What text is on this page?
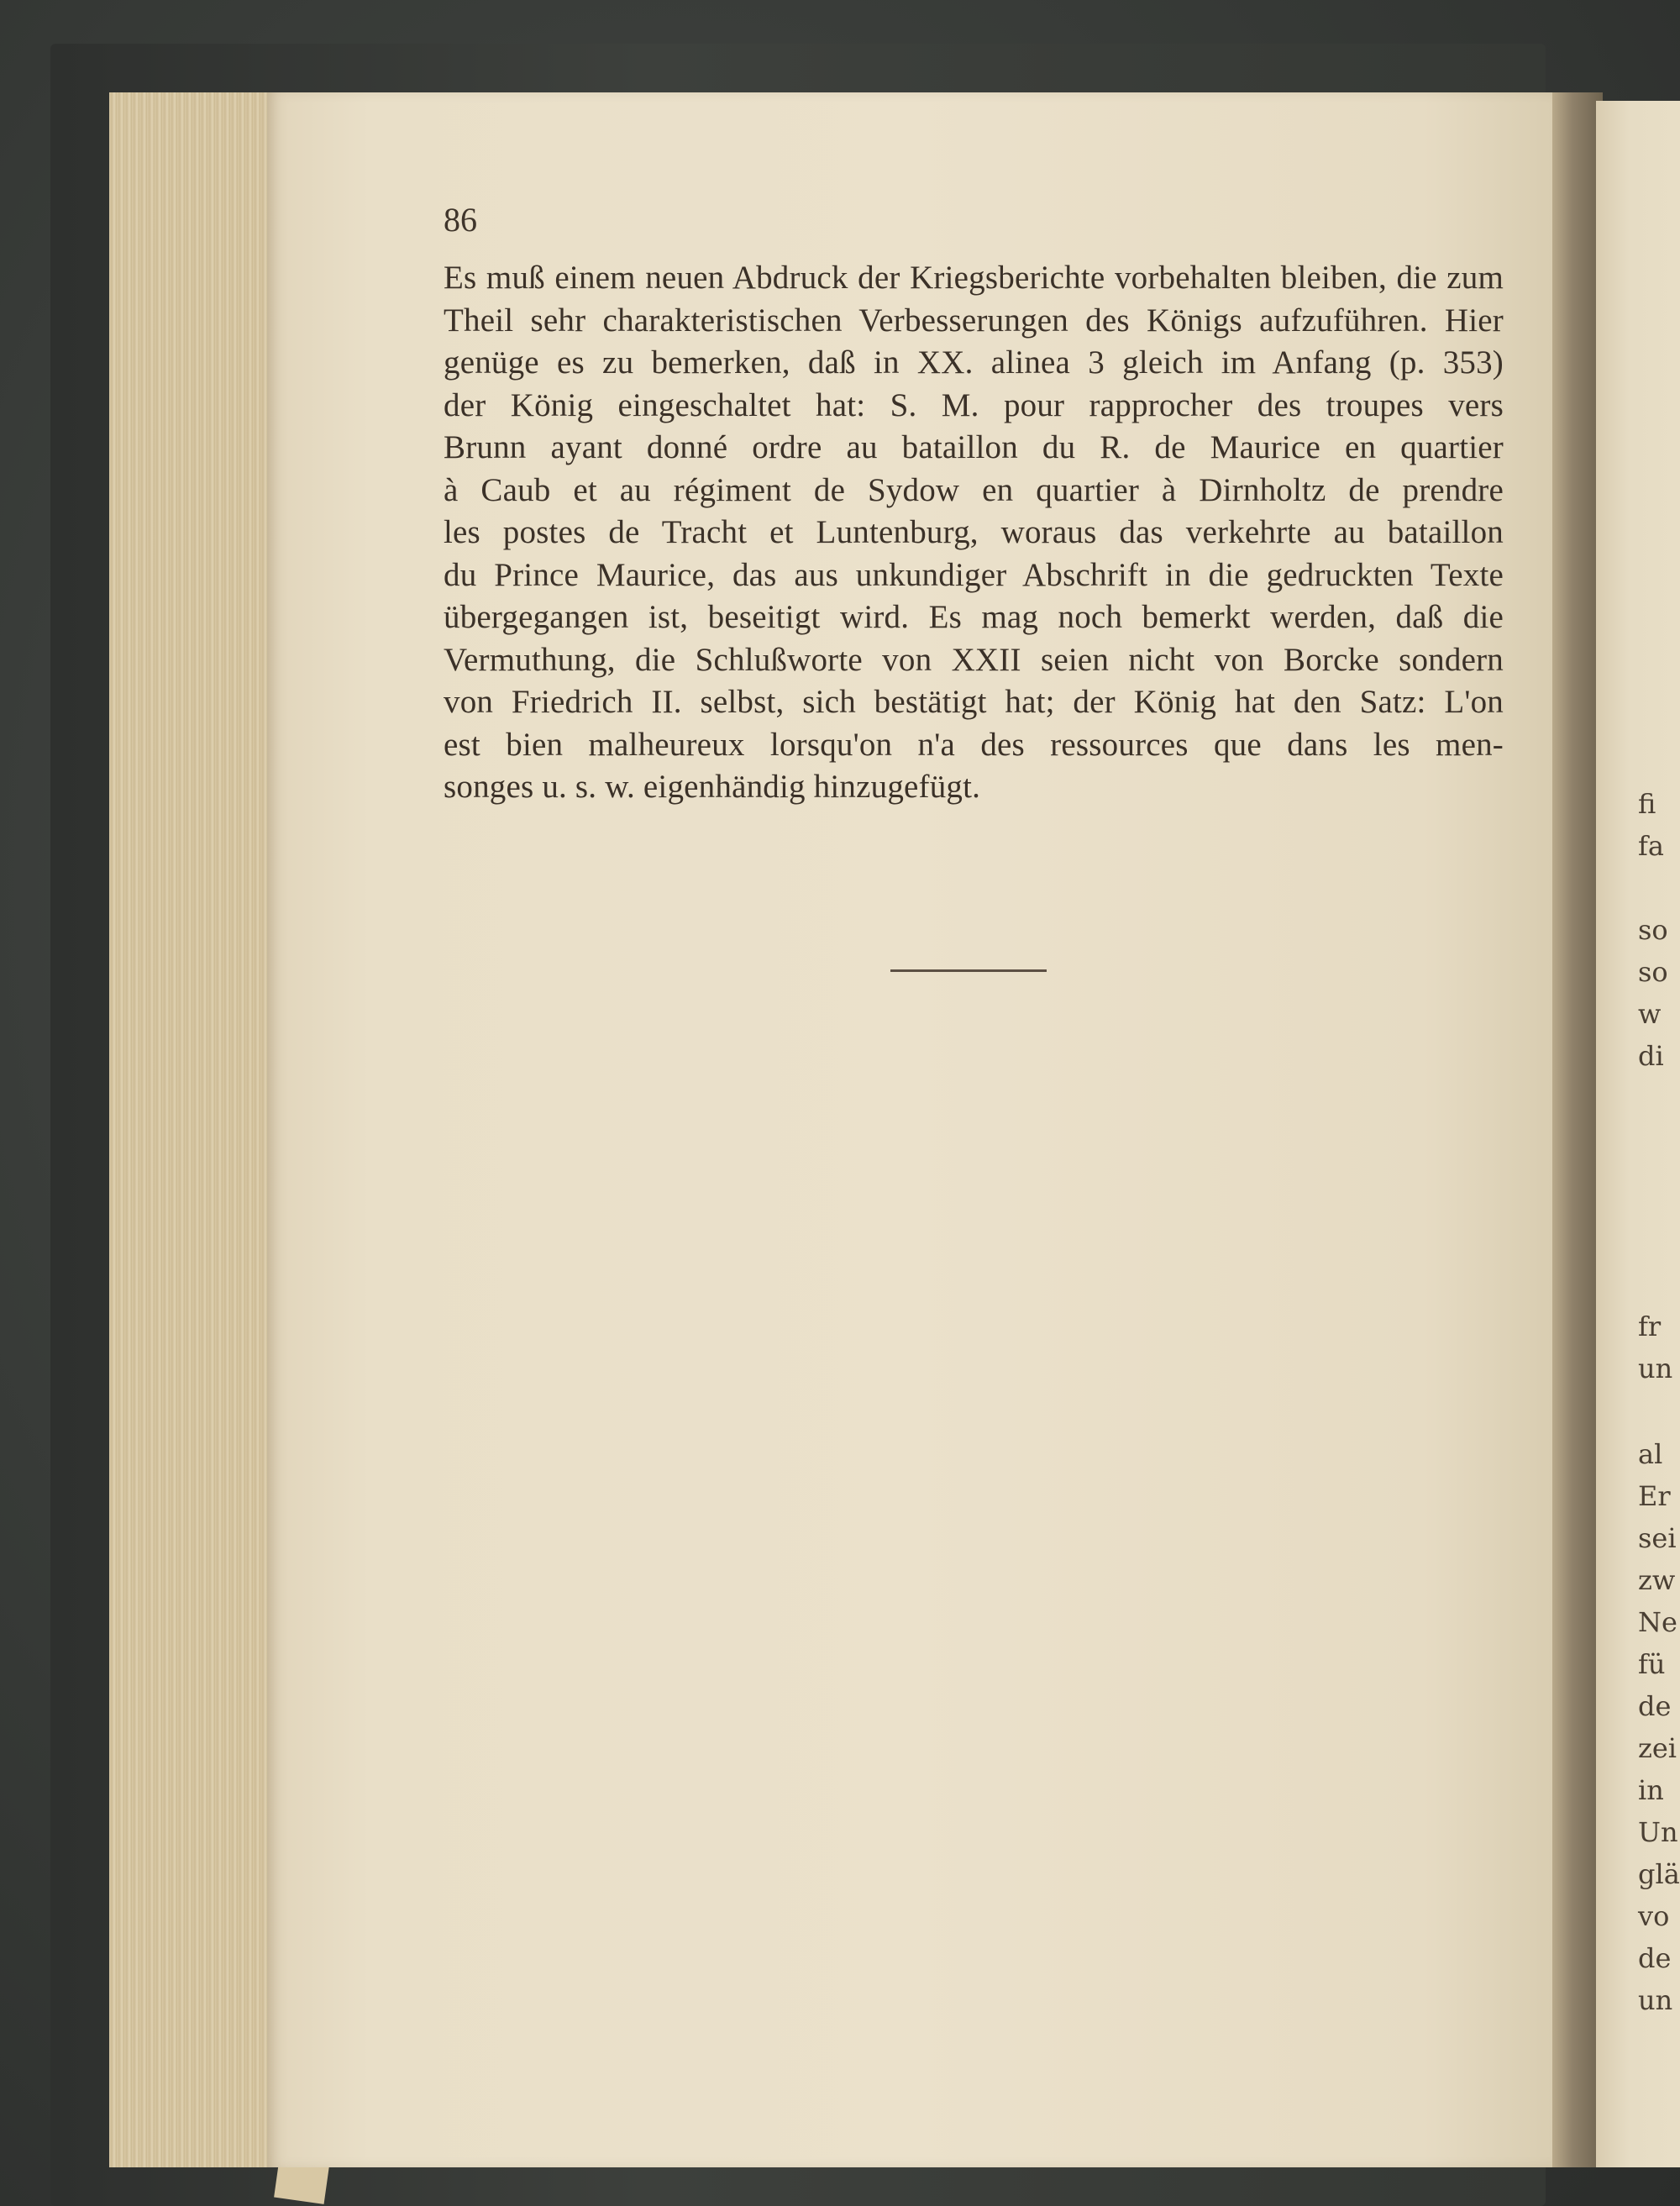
86

Es muß einem neuen Abdruck der Kriegsberichte vorbehalten bleiben, die zum
Theil sehr charakteristischen Verbesserungen des Königs aufzuführen. Hier
genüge es zu bemerken, daß in XX. alinea 3 gleich im Anfang (p. 353)
der König eingeschaltet hat: S. M. pour rapprocher des troupes vers
Brunn ayant donné ordre au bataillon du R. de Maurice en quartier
à Caub et au régiment de Sydow en quartier à Dirnholtz de prendre
les postes de Tracht et Luntenburg, woraus das verkehrte au bataillon
du Prince Maurice, das aus unkundiger Abschrift in die gedruckten Texte
übergegangen ist, beseitigt wird. Es mag noch bemerkt werden, daß die
Vermuthung, die Schlußworte von XXII seien nicht von Borcke sondern
von Friedrich II. selbst, sich bestätigt hat; der König hat den Satz: L'on
est bien malheureux lorsqu'on n'a des ressources que dans les men-
songes u. s. w. eigenhändig hinzugefügt.	fi
fa
so
so
w
di
fr
un
al
Er
sei
zw
Ne
fü
de
zei
in
Un
glä
vo
de
un
